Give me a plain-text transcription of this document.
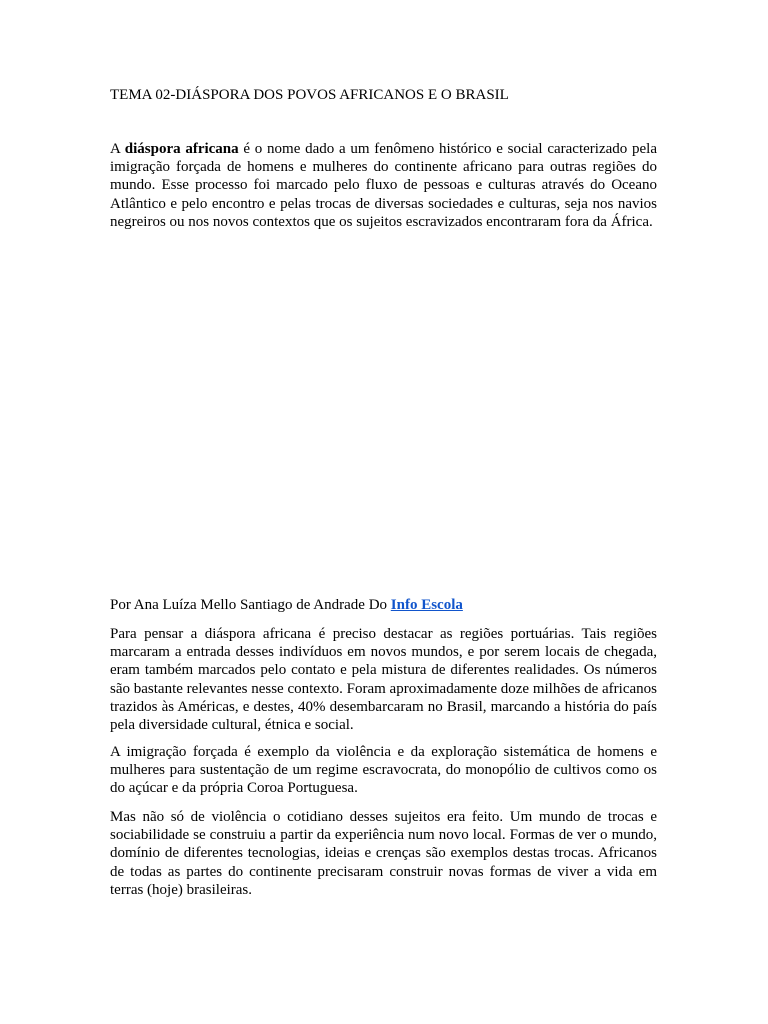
TEMA 02-DIÁSPORA DOS POVOS AFRICANOS E O BRASIL

A diáspora africana é o nome dado a um fenômeno histórico e social caracterizado pela imigração forçada de homens e mulheres do continente africano para outras regiões do mundo. Esse processo foi marcado pelo fluxo de pessoas e culturas através do Oceano Atlântico e pelo encontro e pelas trocas de diversas sociedades e culturas, seja nos navios negreiros ou nos novos contextos que os sujeitos escravizados encontraram fora da África.

Por Ana Luíza Mello Santiago de Andrade Do Info Escola

Para pensar a diáspora africana é preciso destacar as regiões portuárias. Tais regiões marcaram a entrada desses indivíduos em novos mundos, e por serem locais de chegada, eram também marcados pelo contato e pela mistura de diferentes realidades. Os números são bastante relevantes nesse contexto. Foram aproximadamente doze milhões de africanos trazidos às Américas, e destes, 40% desembarcaram no Brasil, marcando a história do país pela diversidade cultural, étnica e social.

A imigração forçada é exemplo da violência e da exploração sistemática de homens e mulheres para sustentação de um regime escravocrata, do monopólio de cultivos como os do açúcar e da própria Coroa Portuguesa.

Mas não só de violência o cotidiano desses sujeitos era feito. Um mundo de trocas e sociabilidade se construiu a partir da experiência num novo local. Formas de ver o mundo, domínio de diferentes tecnologias, ideias e crenças são exemplos destas trocas. Africanos de todas as partes do continente precisaram construir novas formas de viver a vida em terras (hoje) brasileiras.
